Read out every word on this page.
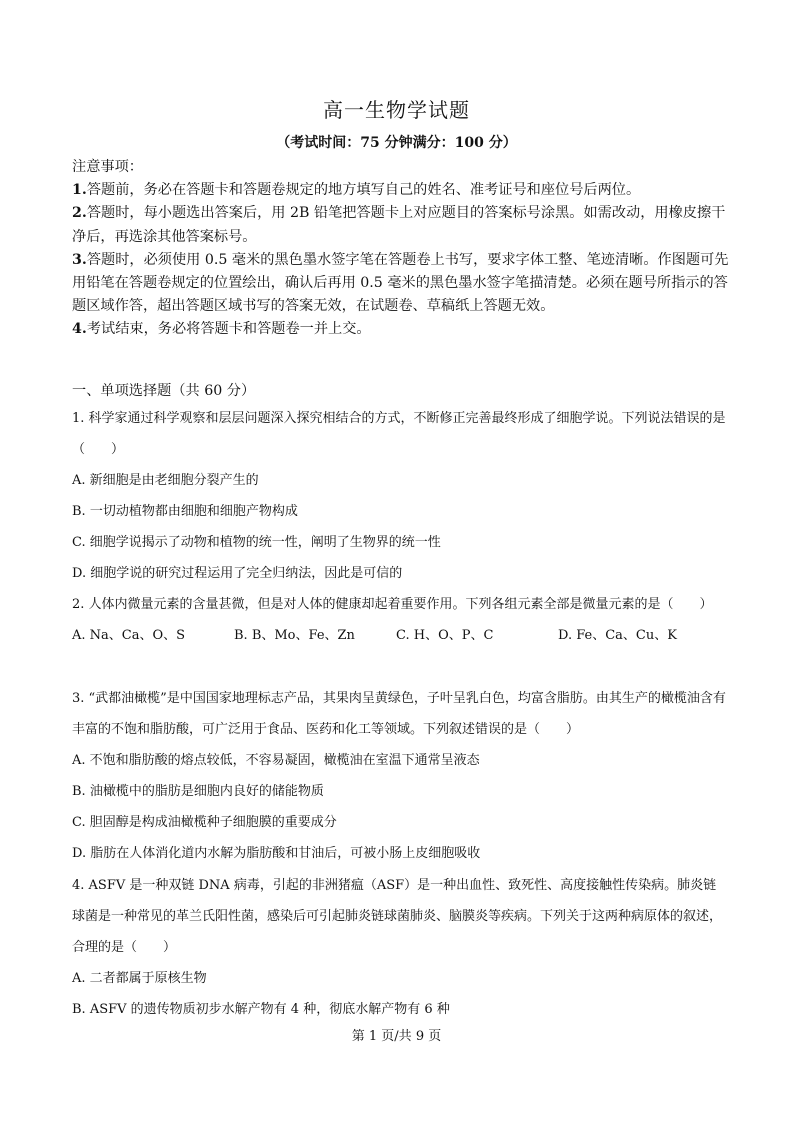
高一生物学试题
（考试时间：75 分钟满分：100 分）

注意事项：

1.答题前，务必在答题卡和答题卷规定的地方填写自己的姓名、准考证号和座位号后两位。

2.答题时，每小题选出答案后，用 2B 铅笔把答题卡上对应题目的答案标号涂黑。如需改动，用橡皮擦干净后，再选涂其他答案标号。

3.答题时，必须使用 0.5 毫米的黑色墨水签字笔在答题卷上书写，要求字体工整、笔迹清晰。作图题可先用铅笔在答题卷规定的位置绘出，确认后再用 0.5 毫米的黑色墨水签字笔描清楚。必须在题号所指示的答题区域作答，超出答题区域书写的答案无效，在试题卷、草稿纸上答题无效。

4.考试结束，务必将答题卡和答题卷一并上交。

一、单项选择题（共 60 分）

1. 科学家通过科学观察和层层问题深入探究相结合的方式，不断修正完善最终形成了细胞学说。下列说法错误的是（　　）

A. 新细胞是由老细胞分裂产生的

B. 一切动植物都由细胞和细胞产物构成

C. 细胞学说揭示了动物和植物的统一性，阐明了生物界的统一性

D. 细胞学说的研究过程运用了完全归纳法，因此是可信的

2. 人体内微量元素的含量甚微，但是对人体的健康却起着重要作用。下列各组元素全部是微量元素的是（　　）

A. Na、Ca、O、S	B. B、Mo、Fe、Zn	C. H、O、P、C	D. Fe、Ca、Cu、K

3. “武都油橄榄”是中国国家地理标志产品，其果肉呈黄绿色，子叶呈乳白色，均富含脂肪。由其生产的橄榄油含有丰富的不饱和脂肪酸，可广泛用于食品、医药和化工等领域。下列叙述错误的是（　　）

A. 不饱和脂肪酸的熔点较低，不容易凝固，橄榄油在室温下通常呈液态

B. 油橄榄中的脂肪是细胞内良好的储能物质

C. 胆固醇是构成油橄榄种子细胞膜的重要成分

D. 脂肪在人体消化道内水解为脂肪酸和甘油后，可被小肠上皮细胞吸收

4. ASFV 是一种双链 DNA 病毒，引起的非洲猪瘟（ASF）是一种出血性、致死性、高度接触性传染病。肺炎链球菌是一种常见的革兰氏阳性菌，感染后可引起肺炎链球菌肺炎、脑膜炎等疾病。下列关于这两种病原体的叙述，合理的是（　　）

A. 二者都属于原核生物

B. ASFV 的遗传物质初步水解产物有 4 种，彻底水解产物有 6 种

第 1 页/共 9 页
